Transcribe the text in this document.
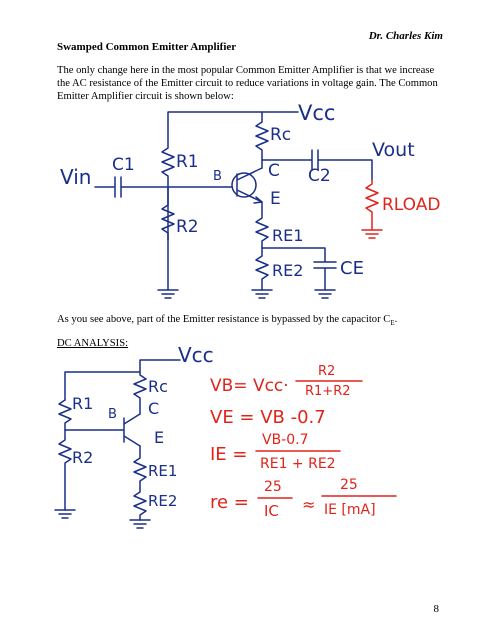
Dr. Charles Kim
Swamped Common Emitter Amplifier
The only change here in the most popular Common Emitter Amplifier is that we increase the AC resistance of the Emitter circuit to reduce variations in voltage gain. The Common Emitter Amplifier circuit is shown below:
Vcc
R1
Vin C1
R2
B
Rc
C C2
Vout
E
RE1
RE2 CE
RLOAD
Vcc
R1
R2
B
Rc
C
E
RE1
RE2
VB= Vcc·
R2
R1+R2
VE = VB -0.7
IE =
VB-0.7
RE1 + RE2
re =
25
IC ≈
25
IE [mA]
As you see above, part of the Emitter resistance is bypassed by the capacitor $C_E$.
DC ANALYSIS:
8
